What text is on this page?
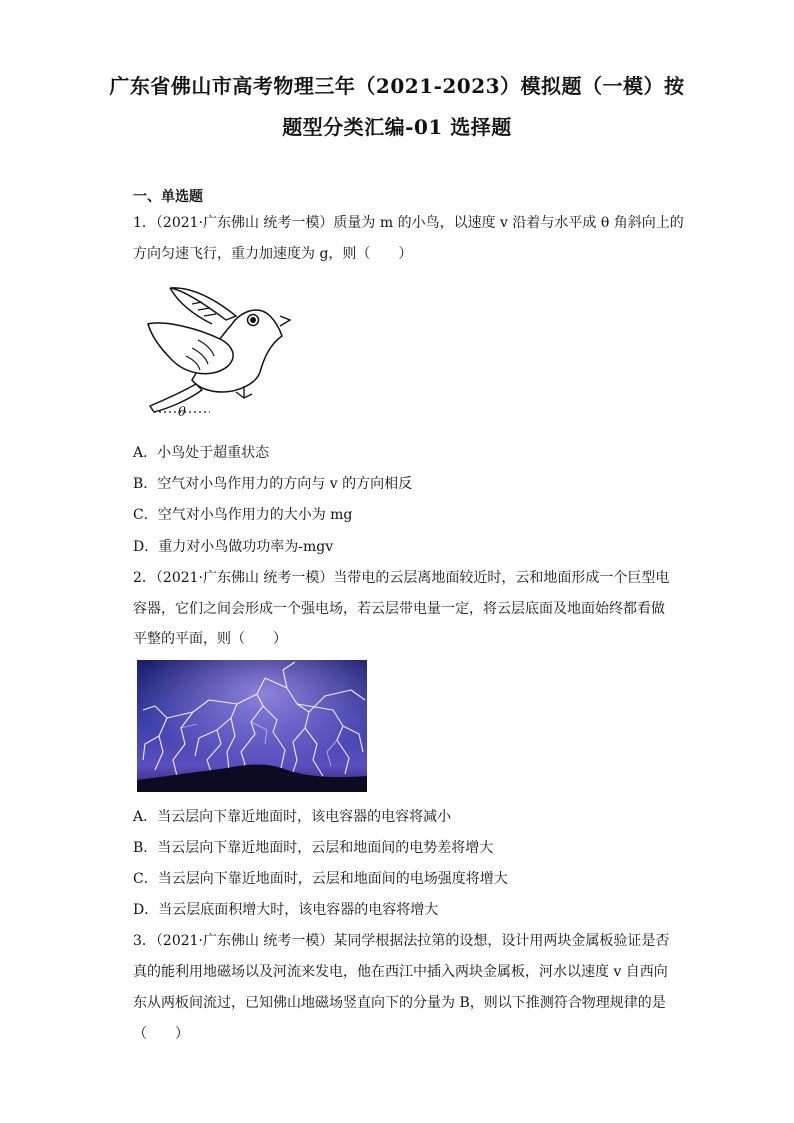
广东省佛山市高考物理三年（2021-2023）模拟题（一模）按
题型分类汇编-01 选择题
一、单选题
1．（2021·广东佛山 统考一模）质量为 m 的小鸟，以速度 v 沿着与水平成 θ 角斜向上的
方向匀速飞行，重力加速度为 g，则（　　）
θ
A．小鸟处于超重状态
B．空气对小鸟作用力的方向与 v 的方向相反
C．空气对小鸟作用力的大小为 mg
D．重力对小鸟做功功率为-mgv
2．（2021·广东佛山 统考一模）当带电的云层离地面较近时，云和地面形成一个巨型电
容器，它们之间会形成一个强电场，若云层带电量一定，将云层底面及地面始终都看做
平整的平面，则（　　）
A．当云层向下靠近地面时，该电容器的电容将减小
B．当云层向下靠近地面时，云层和地面间的电势差将增大
C．当云层向下靠近地面时，云层和地面间的电场强度将增大
D．当云层底面积增大时，该电容器的电容将增大
3．（2021·广东佛山 统考一模）某同学根据法拉第的设想，设计用两块金属板验证是否
真的能利用地磁场以及河流来发电，他在西江中插入两块金属板，河水以速度 v 自西向
东从两板间流过，已知佛山地磁场竖直向下的分量为 B，则以下推测符合物理规律的是
（　　）
